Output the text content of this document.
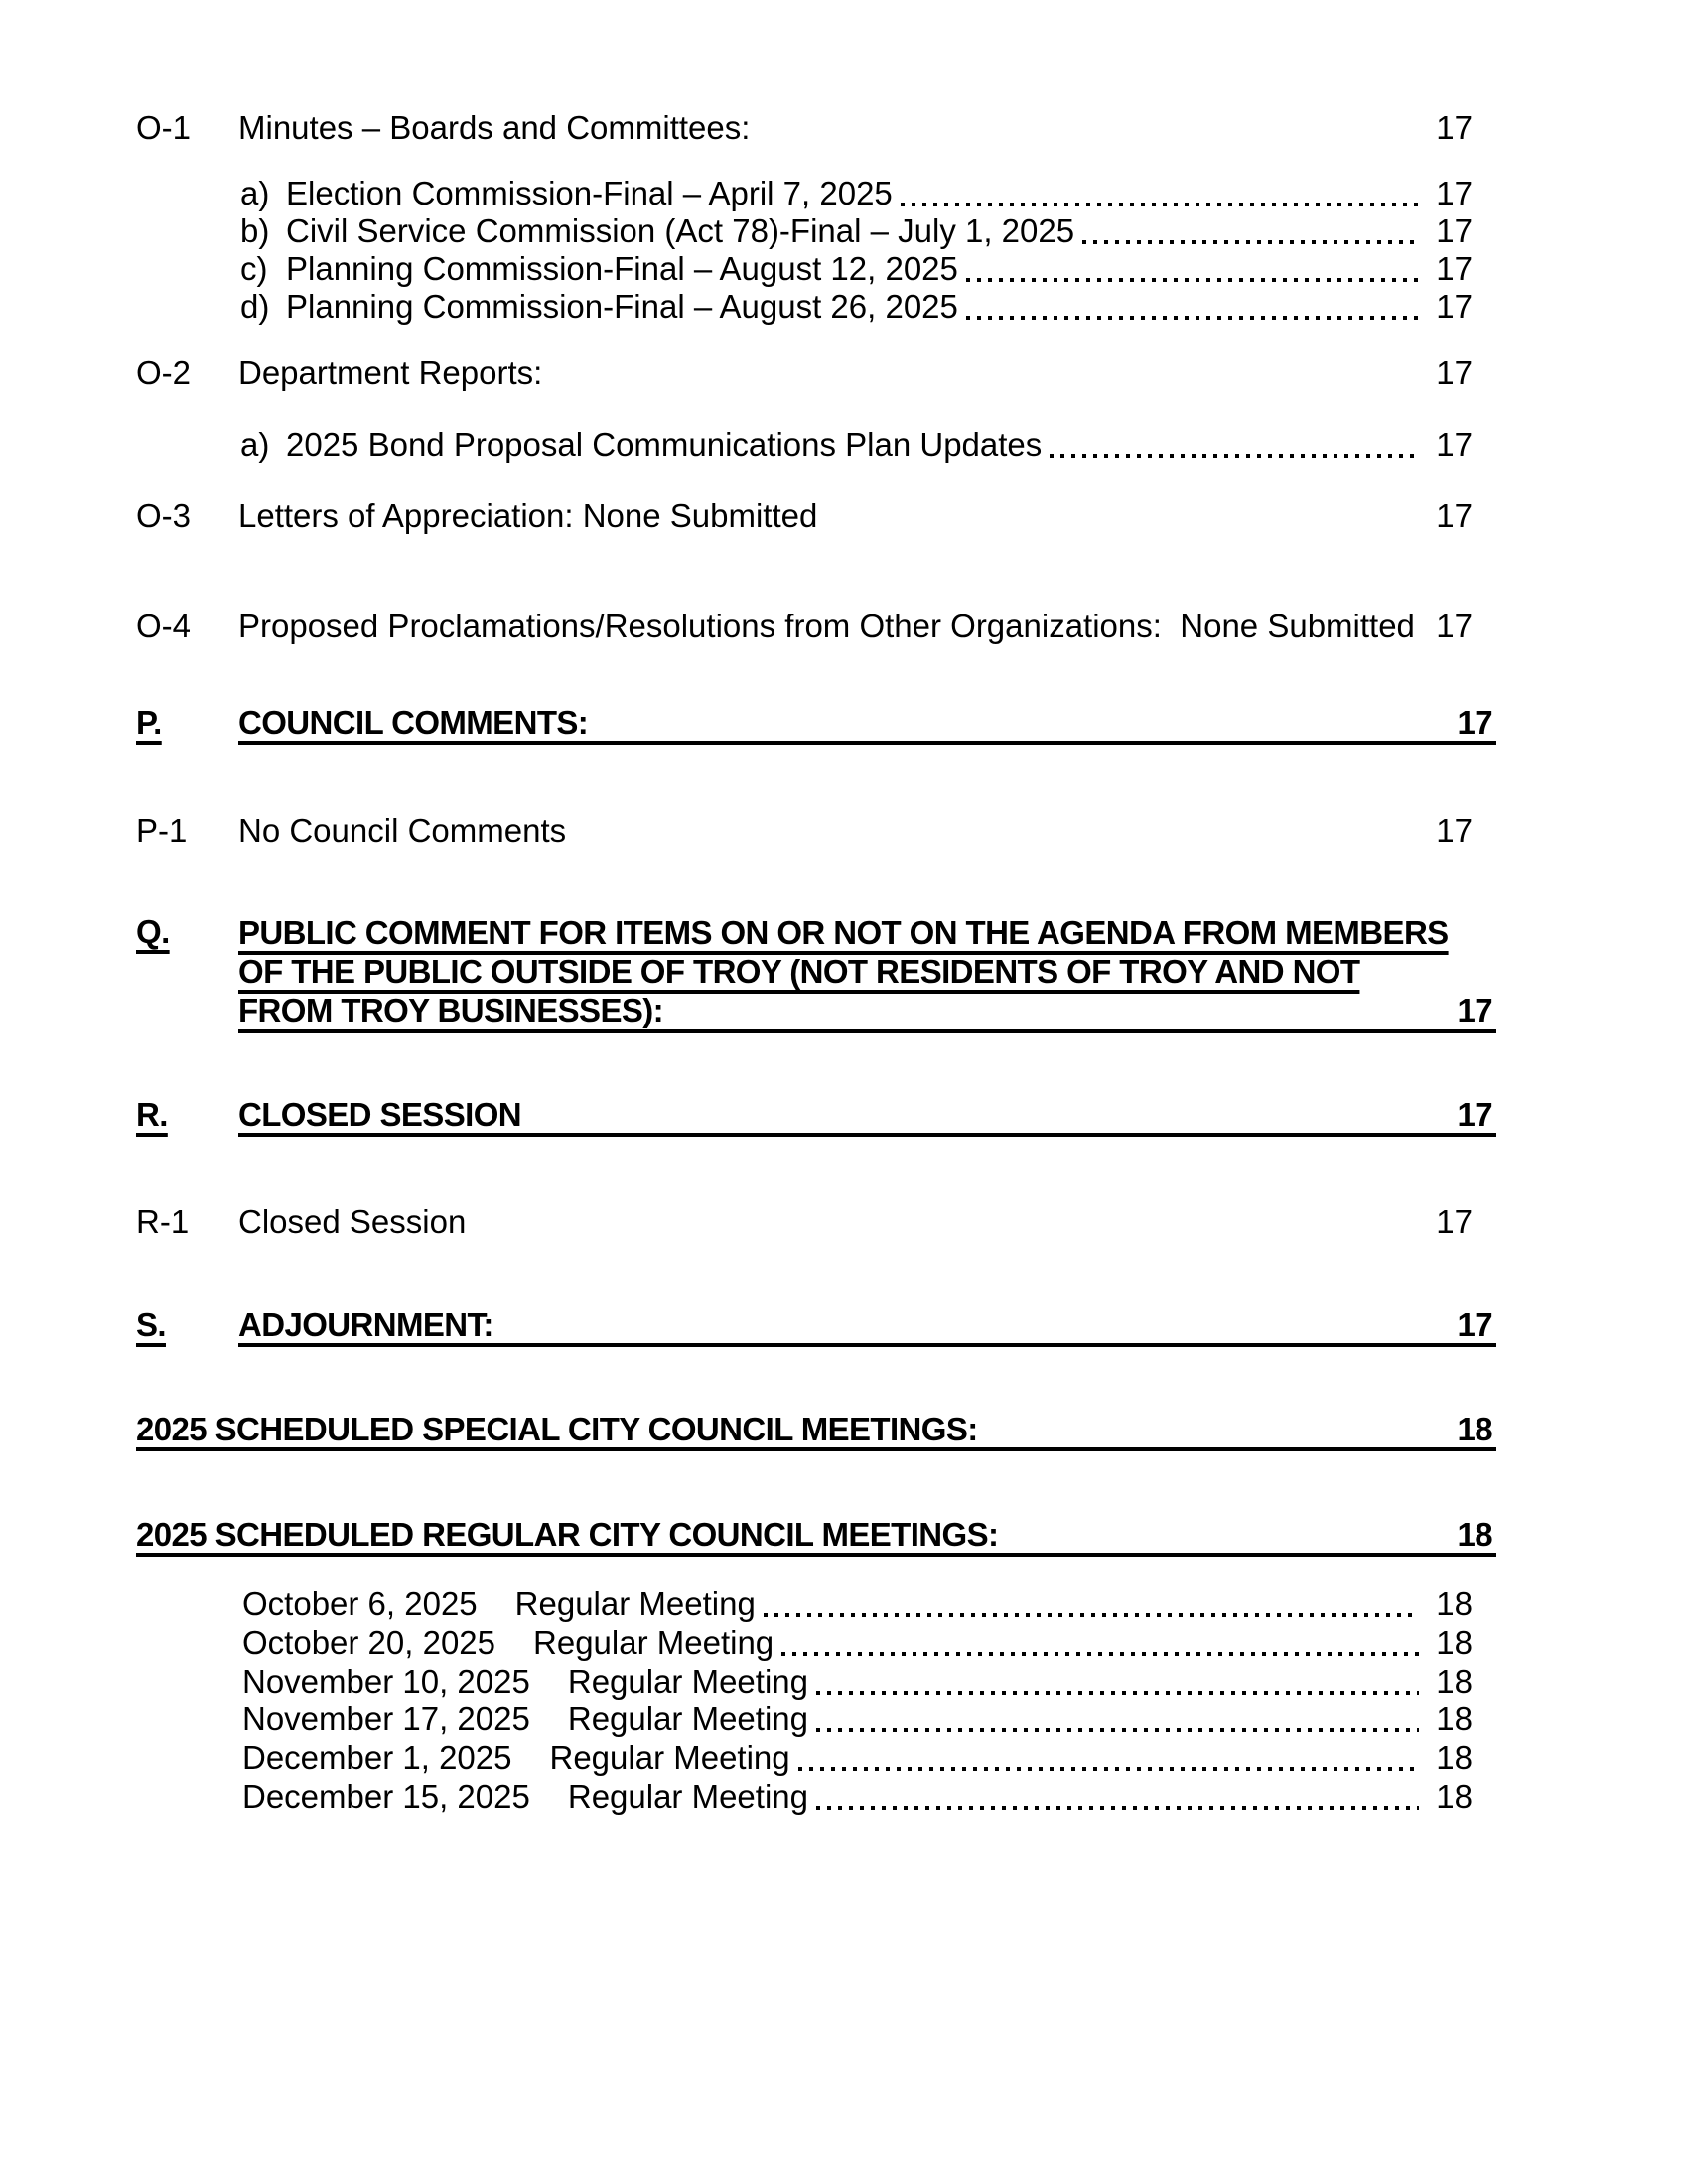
O-1	Minutes – Boards and Committees:	17
a) Election Commission-Final – April 7, 2025	17
b) Civil Service Commission (Act 78)-Final – July 1, 2025	17
c) Planning Commission-Final – August 12, 2025	17
d) Planning Commission-Final – August 26, 2025	17
O-2	Department Reports:	17
a) 2025 Bond Proposal Communications Plan Updates	17
O-3	Letters of Appreciation: None Submitted	17
O-4	Proposed Proclamations/Resolutions from Other Organizations:  None Submitted 17
P.	COUNCIL COMMENTS:	17
P-1	No Council Comments	17
Q.	PUBLIC COMMENT FOR ITEMS ON OR NOT ON THE AGENDA FROM MEMBERS
OF THE PUBLIC OUTSIDE OF TROY (NOT RESIDENTS OF TROY AND NOT
FROM TROY BUSINESSES):	17
R.	CLOSED SESSION	17
R-1	Closed Session	17
S.	ADJOURNMENT:	17
2025 SCHEDULED SPECIAL CITY COUNCIL MEETINGS:	18
2025 SCHEDULED REGULAR CITY COUNCIL MEETINGS:	18
October 6, 2025 Regular Meeting	18
October 20, 2025 Regular Meeting	18
November 10, 2025 Regular Meeting	18
November 17, 2025 Regular Meeting	18
December 1, 2025 Regular Meeting	18
December 15, 2025 Regular Meeting	18
